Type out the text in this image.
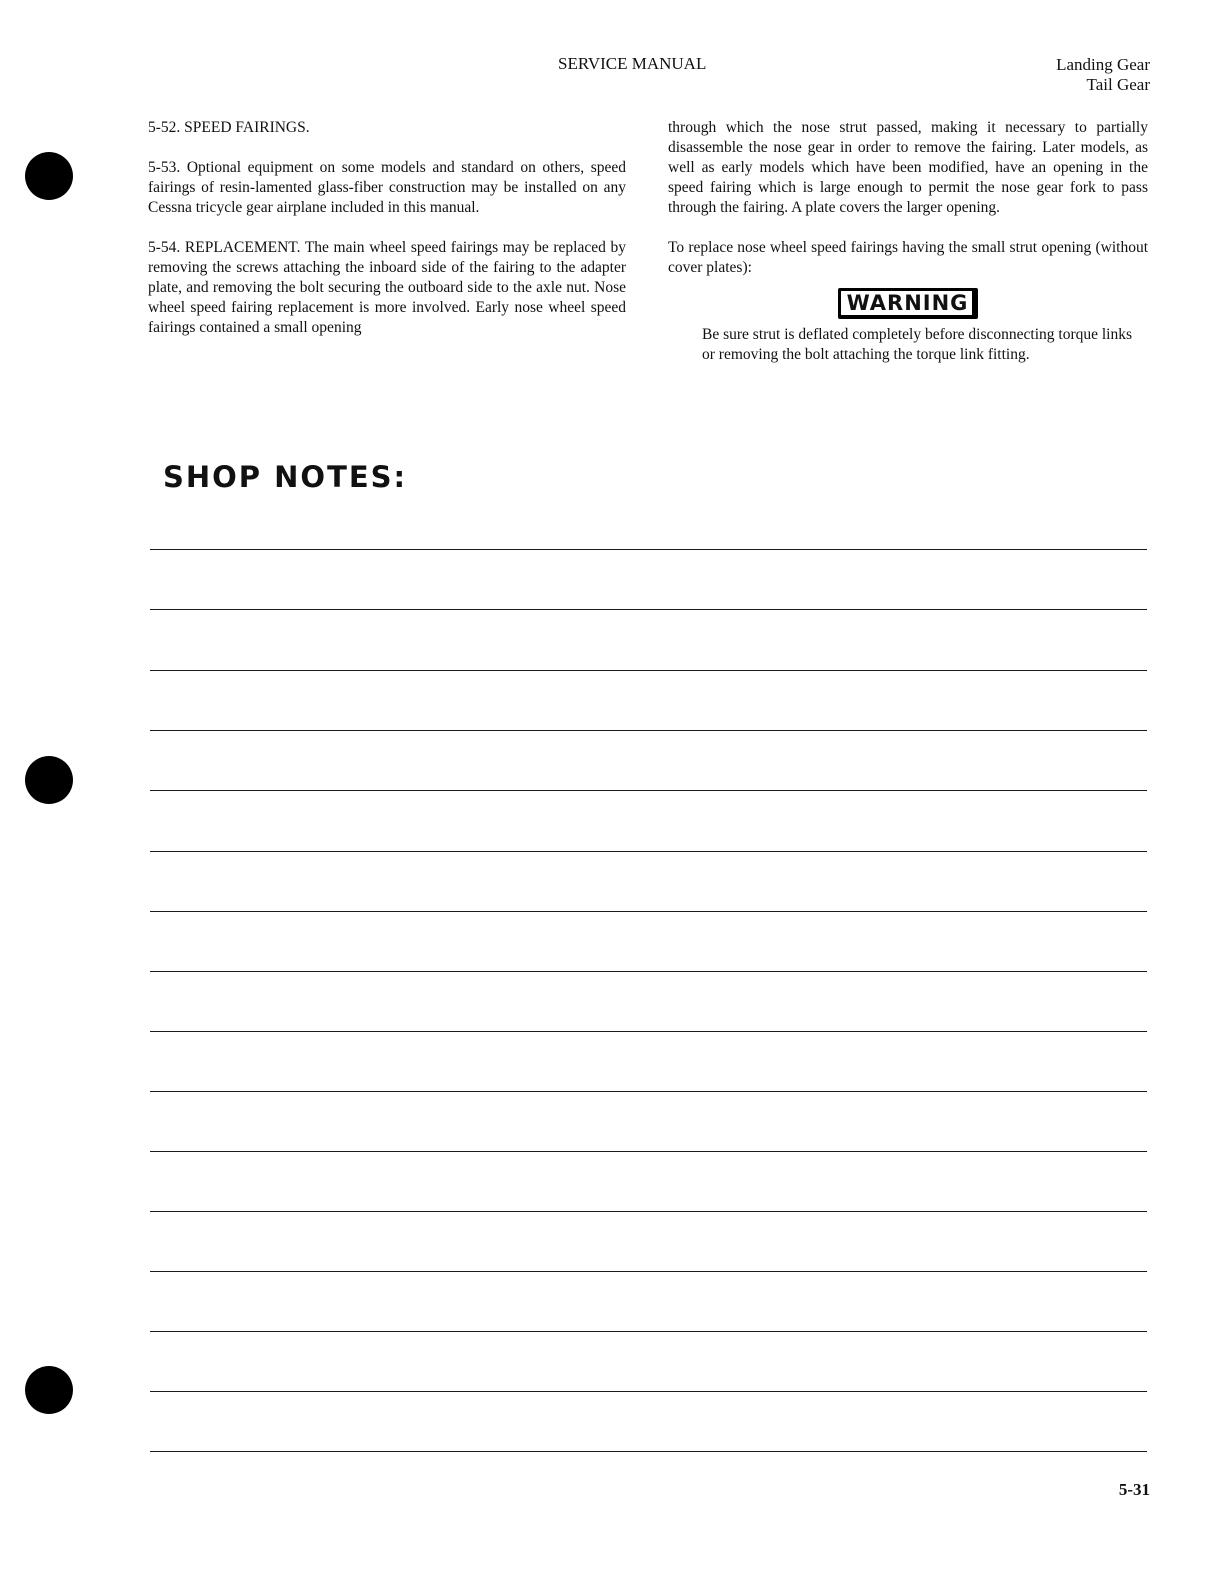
SERVICE MANUAL	Landing Gear
Tail Gear

5-52. SPEED FAIRINGS.

5-53. Optional equipment on some models and standard on others, speed fairings of resin-lamented glass-fiber construction may be installed on any Cessna tricycle gear airplane included in this manual.

5-54. REPLACEMENT. The main wheel speed fairings may be replaced by removing the screws attaching the inboard side of the fairing to the adapter plate, and removing the bolt securing the outboard side to the axle nut. Nose wheel speed fairing replacement is more involved. Early nose wheel speed fairings contained a small opening

through which the nose strut passed, making it necessary to partially disassemble the nose gear in order to remove the fairing. Later models, as well as early models which have been modified, have an opening in the speed fairing which is large enough to permit the nose gear fork to pass through the fairing. A plate covers the larger opening.

To replace nose wheel speed fairings having the small strut opening (without cover plates):

WARNING

Be sure strut is deflated completely before disconnecting torque links or removing the bolt attaching the torque link fitting.

SHOP NOTES:
5-31
